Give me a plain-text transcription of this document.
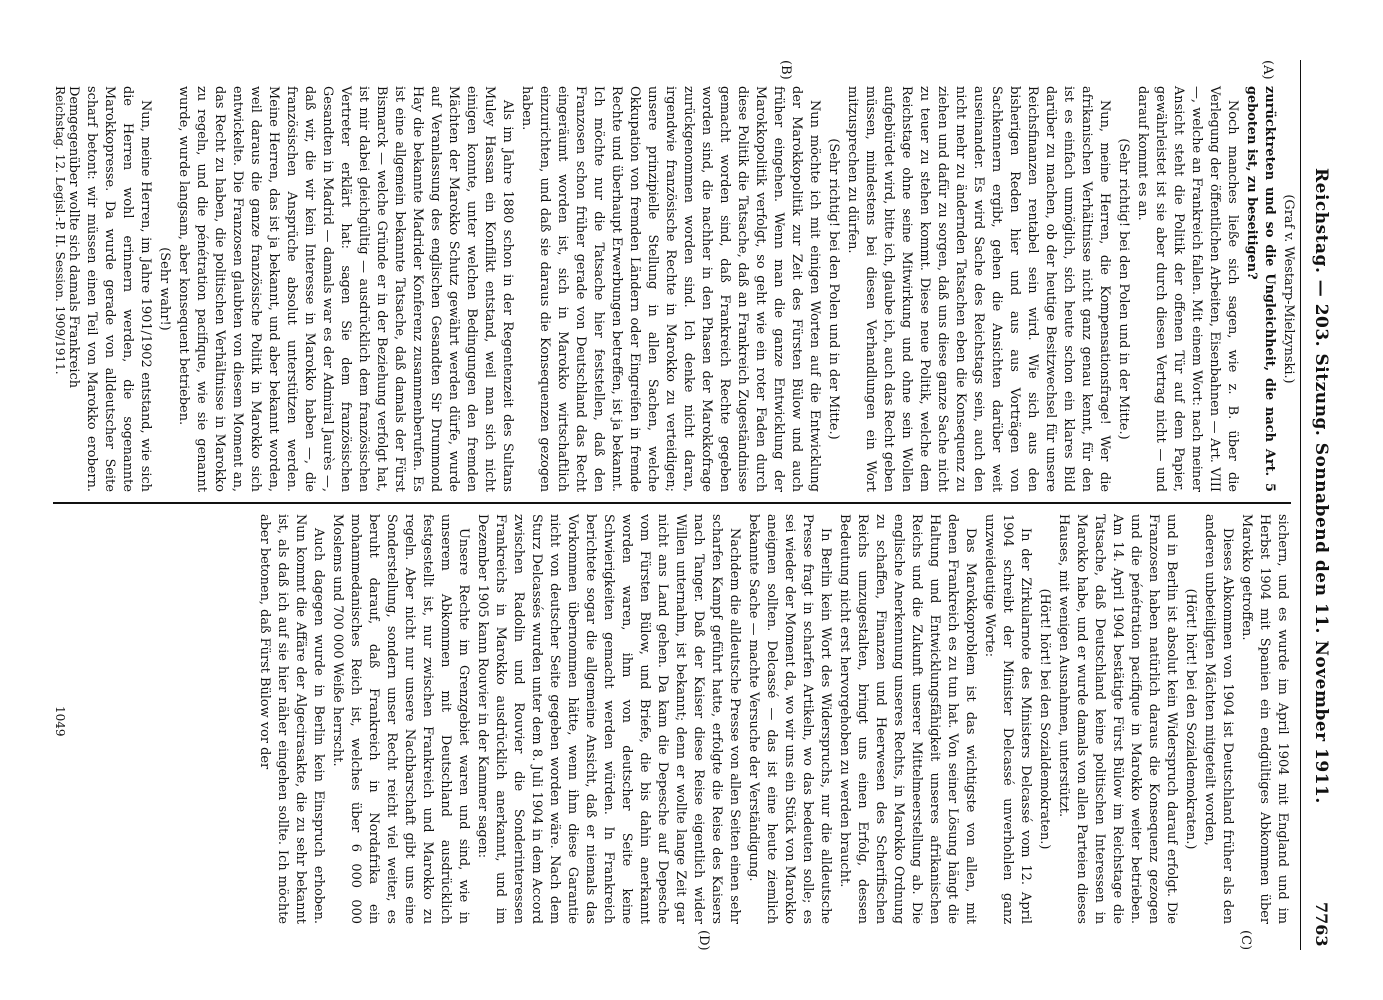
Reichstag. — 203. Sitzung. Sonnabend den 11. November 1911.
7763
(A)
(B)
(C)
(D)
(Graf v. Westarp-Mielzynski.)
zurücktreten und so die Ungleichheit, die nach Art. 5 geboten ist, zu beseitigen?
Noch manches ließe sich sagen, wie z. B. über die Verlegung der öffentlichen Arbeiten, Eisenbahnen — Art. VIII —, welche an Frankreich fallen. Mit einem Wort: nach meiner Ansicht steht die Politik der offenen Tür auf dem Papier, gewährleistet ist sie aber durch diesen Vertrag nicht — und darauf kommt es an.
(Sehr richtig! bei den Polen und in der Mitte.)
Nun, meine Herren, die Kompensationsfrage! Wer die afrikanischen Verhältnisse nicht ganz genau kennt, für den ist es einfach unmöglich, sich heute schon ein klares Bild darüber zu machen, ob der heutige Besitzwechsel für unsere Reichsfinanzen rentabel sein wird. Wie sich aus den bisherigen Reden hier und aus aus Vorträgen von Sachkennern ergibt, gehen die Ansichten darüber weit auseinander. Es wird Sache des Reichstags sein, auch den nicht mehr zu ändernden Tatsachen eben die Konsequenz zu ziehen und dafür zu sorgen, daß uns diese ganze Sache nicht zu teuer zu stehen kommt. Diese neue Politik, welche dem Reichstage ohne seine Mitwirkung und ohne sein Wollen aufgebürdet wird, bitte ich, glaube ich, auch das Recht geben müssen, mindestens bei diesen Verhandlungen ein Wort mitzusprechen zu dürfen.
(Sehr richtig! bei den Polen und in der Mitte.)
Nun möchte ich mit einigen Worten auf die Entwicklung der Marokkopolitik zur Zeit des Fürsten Bülow und auch früher eingehen. Wenn man die ganze Entwicklung der Marokkopolitik verfolgt, so geht wie ein roter Faden durch diese Politik die Tatsache, daß an Frankreich Zugeständnisse gemacht worden sind, daß Frankreich Rechte gegeben worden sind, die nachher in den Phasen der Marokkofrage zurückgenommen worden sind. Ich denke nicht daran, irgendwie französische Rechte in Marokko zu verteidigen; unsere prinzipielle Stellung in allen Sachen, welche Okkupation von fremden Ländern oder Eingreifen in fremde Rechte und überhaupt Erwerbungen betreffen, ist ja bekannt. Ich möchte nur die Tatsache hier feststellen, daß den Franzosen schon früher gerade von Deutschland das Recht eingeräumt worden ist, sich in Marokko wirtschaftlich einzurichten, und daß sie daraus die Konsequenzen gezogen haben.
Als im Jahre 1880 schon in der Regentenzeit des Sultans Muley Hassan ein Konflikt entstand, weil man sich nicht einigen konnte, unter welchen Bedingungen den fremden Mächten der Marokko Schutz gewährt werden dürfe, wurde auf Veranlassung des englischen Gesandten Sir Drummond Hay die bekannte Madrider Konferenz zusammenberufen. Es ist eine allgemein bekannte Tatsache, daß damals der Fürst Bismarck — welche Gründe er in der Beziehung verfolgt hat, ist mir dabei gleichgültig — ausdrücklich dem französischen Vertreter erklärt hat: sagen Sie dem französischen Gesandten in Madrid — damals war es der Admiral Jaurès —, daß wir, die wir kein Interesse in Marokko haben —, die französischen Ansprüche absolut unterstützen werden. Meine Herren, das ist ja bekannt, und aber bekannt worden, weil daraus die ganze französische Politik in Marokko sich entwickelte. Die Franzosen glaubten von diesem Moment an, das Recht zu haben, die politischen Verhältnisse in Marokko zu regeln, und die pénétration pacifique, wie sie genannt wurde, wurde langsam, aber konsequent betrieben.
(Sehr wahr!)
Nun, meine Herren, im Jahre 1901/1902 entstand, wie sich die Herren wohl erinnern werden, die sogenannte Marokkopresse. Da wurde gerade von alldeutscher Seite scharf betont: wir müssen einen Teil von Marokko erobern. Demgegenüber wollte sich damals Frankreich
sichern, und es wurde im April 1904 mit England und im Herbst 1904 mit Spanien ein endgültiges Abkommen über Marokko getroffen.
Dieses Abkommen von 1904 ist Deutschland früher als den anderen unbeteiligten Mächten mitgeteilt worden,
(Hört! hört! bei den Sozialdemokraten.)
und in Berlin ist absolut kein Widerspruch darauf erfolgt. Die Franzosen haben natürlich daraus die Konsequenz gezogen und die pénétration pacifique in Marokko weiter betrieben. Am 14. April 1904 bestätigte Fürst Bülow im Reichstage die Tatsache, daß Deutschland keine politischen Interessen in Marokko habe, und er wurde damals von allen Parteien dieses Hauses, mit wenigen Ausnahmen, unterstützt.
(Hört! hört! bei den Sozialdemokraten.)
In der Zirkularnote des Ministers Delcassé vom 12. April 1904 schreibt der Minister Delcassé unverhohlen ganz unzweideutige Worte:
Das Marokkoproblem ist das wichtigste von allen, mit denen Frankreich es zu tun hat. Von seiner Lösung hängt die Haltung und Entwicklungsfähigkeit unseres afrikanischen Reichs und die Zukunft unserer Mittelmeerstellung ab. Die englische Anerkennung unseres Rechts, in Marokko Ordnung zu schaffen, Finanzen und Heerwesen des Scherifischen Reichs umzugestalten, bringt uns einen Erfolg, dessen Bedeutung nicht erst hervorgehoben zu werden braucht.
In Berlin kein Wort des Widerspruchs, nur die alldeutsche Presse fragt in scharfen Artikeln, wo das bedeuten solle; es sei wieder der Moment da, wo wir uns ein Stück von Marokko aneignen sollten. Delcassé — das ist eine heute ziemlich bekannte Sache — machte Versuche der Verständigung.
Nachdem die alldeutsche Presse von allen Seiten einen sehr scharfen Kampf geführt hatte, erfolgte die Reise des Kaisers nach Tanger. Daß der Kaiser diese Reise eigentlich wider Willen unternahm, ist bekannt; denn er wollte lange Zeit gar nicht ans Land gehen. Da kam die Depesche auf Depesche vom Fürsten Bülow, und Briefe, die bis dahin anerkannt worden waren, ihm von deutscher Seite keine Schwierigkeiten gemacht werden würden. In Frankreich berichtete sogar die allgemeine Ansicht, daß er niemals das Vorkommen übernommen hätte, wenn ihm diese Garantie nicht von deutscher Seite gegeben worden wäre. Nach dem Sturz Delcassés wurden unter dem 8. Juli 1904 in dem Accord zwischen Radolin und Rouvier die Sonderinteressen Frankreichs in Marokko ausdrücklich anerkannt, und im Dezember 1905 kann Rouvier in der Kammer sagen:
Unsere Rechte im Grenzgebiet waren und sind, wie in unserem Abkommen mit Deutschland ausdrücklich festgestellt ist, nur zwischen Frankreich und Marokko zu regeln. Aber nicht nur unsere Nachbarschaft gibt uns eine Sonderstellung, sondern unser Recht reicht viel weiter, es beruht darauf, daß Frankreich in Nordafrika ein mohammedanisches Reich ist, welches über 6 000 000 Moslems und 700 000 Weiße herrscht.
Auch dagegen wurde in Berlin kein Einspruch erhoben. Nun kommt die Affäre der Algecirasakte, die zu sehr bekannt ist, als daß ich auf sie hier näher eingehen sollte. Ich möchte aber betonen, daß Fürst Bülow vor der
Reichstag. 12. Legisl.-P. II. Session. 1909/1911.
1049
